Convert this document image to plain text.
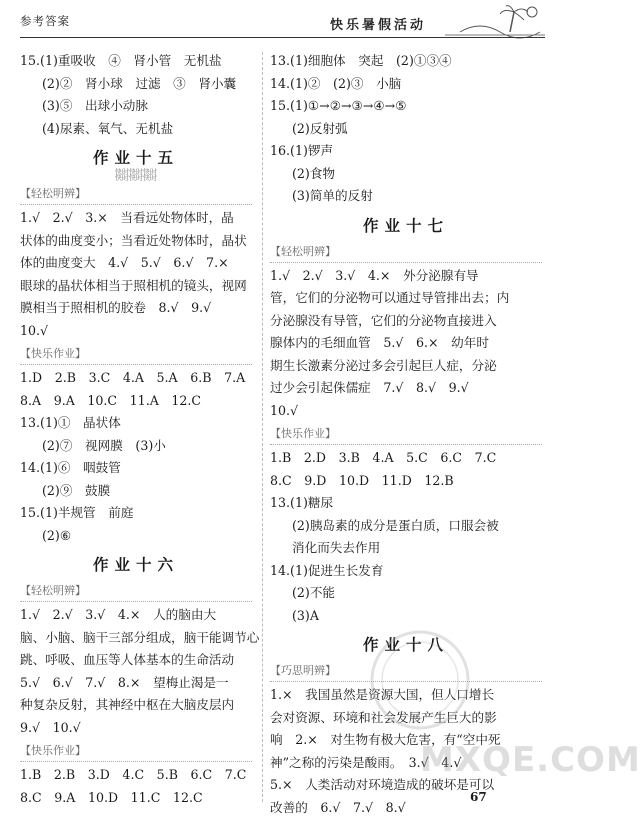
参考答案	快乐暑假活动
15.(1)重吸收　④　肾小管　无机盐
(2)②　肾小球　过滤　③　肾小囊
(3)⑤　出球小动脉
(4)尿素、氧气、无机盐
作业十五
快时快时快时
快时快时快时
【轻松明辨】
1.√　2.√　3.×　当看远处物体时，晶
状体的曲度变小；当看近处物体时，晶状
体的曲度变大　4.√　5.√　6.√　7.×
眼球的晶状体相当于照相机的镜头，视网
膜相当于照相机的胶卷　8.√　9.√
10.√
【快乐作业】
1.D　2.B　3.C　4.A　5.A　6.B　7.A
8.A　9.A　10.C　11.A　12.C
13.(1)①　晶状体
(2)⑦　视网膜　(3)小
14.(1)⑥　咽鼓管
(2)⑨　鼓膜
15.(1)半规管　前庭
(2)⑥
作业十六
【轻松明辨】
1.√　2.√　3.√　4.×　人的脑由大
脑、小脑、脑干三部分组成，脑干能调节心
跳、呼吸、血压等人体基本的生命活动
5.√　6.√　7.√　8.×　望梅止渴是一
种复杂反射，其神经中枢在大脑皮层内
9.√　10.√
【快乐作业】
1.B　2.B　3.D　4.C　5.B　6.C　7.C
8.C　9.A　10.D　11.C　12.C
13.(1)细胞体　突起　(2)①③④
14.(1)②　(2)③　小脑
15.(1)①→②→③→④→⑤
(2)反射弧
16.(1)锣声
(2)食物
(3)简单的反射
作业十七
【轻松明辨】
1.√　2.√　3.√　4.×　外分泌腺有导
管，它们的分泌物可以通过导管排出去；内
分泌腺没有导管，它们的分泌物直接进入
腺体内的毛细血管　5.√　6.×　幼年时
期生长激素分泌过多会引起巨人症，分泌
过少会引起侏儒症　7.√　8.√　9.√
10.√
【快乐作业】
1.B　2.D　3.B　4.A　5.C　6.C　7.C
8.C　9.D　10.D　11.D　12.B
13.(1)糖尿
(2)胰岛素的成分是蛋白质，口服会被
消化而失去作用
14.(1)促进生长发育
(2)不能
(3)A
作业十八
【巧思明辨】
1.×　我国虽然是资源大国，但人口增长
会对资源、环境和社会发展产生巨大的影
响　2.×　对生物有极大危害，有“空中死
神”之称的污染是酸雨。　3.√　4.√
5.×　人类活动对环境造成的破坏是可以
改善的　6.√　7.√　8.√
MXQE.COM
67
